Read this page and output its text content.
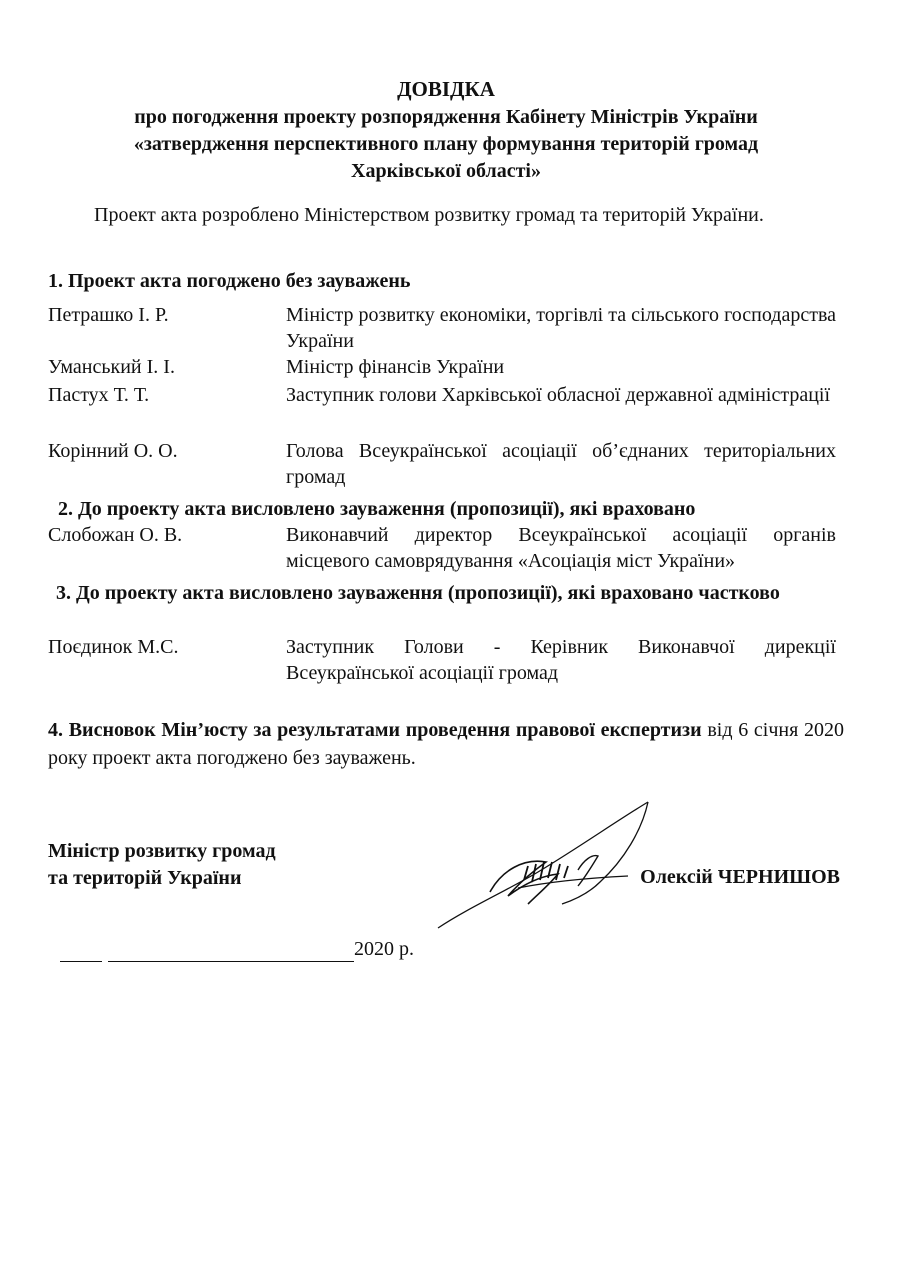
ДОВІДКА
про погодження проекту розпорядження Кабінету Міністрів України
«затвердження перспективного плану формування територій громад
Харківської області»
Проект акта розроблено Міністерством розвитку громад та територій України.
1. Проект акта погоджено без зауважень
Петрашко І. Р.	Міністр розвитку економіки, торгівлі та сільського господарства України
Уманський І. І.	Міністр фінансів України
Пастух Т. Т.	Заступник голови Харківської обласної державної адміністрації
Корінний О. О.	Голова Всеукраїнської асоціації об’єднаних територіальних громад
2. До проекту акта висловлено зауваження (пропозиції), які враховано
Слобожан О. В.	Виконавчий директор Всеукраїнської асоціації органів місцевого самоврядування «Асоціація міст України»
3. До проекту акта висловлено зауваження (пропозиції), які враховано частково
Поєдинок М.С.	Заступник Голови - Керівник Виконавчої дирекції Всеукраїнської асоціації громад
4. Висновок Мін’юсту за результатами проведення правової експертизи від 6 січня 2020 року проект акта погоджено без зауважень.
Міністр розвитку громад
та територій України	Олексій ЧЕРНИШОВ
2020 р.
